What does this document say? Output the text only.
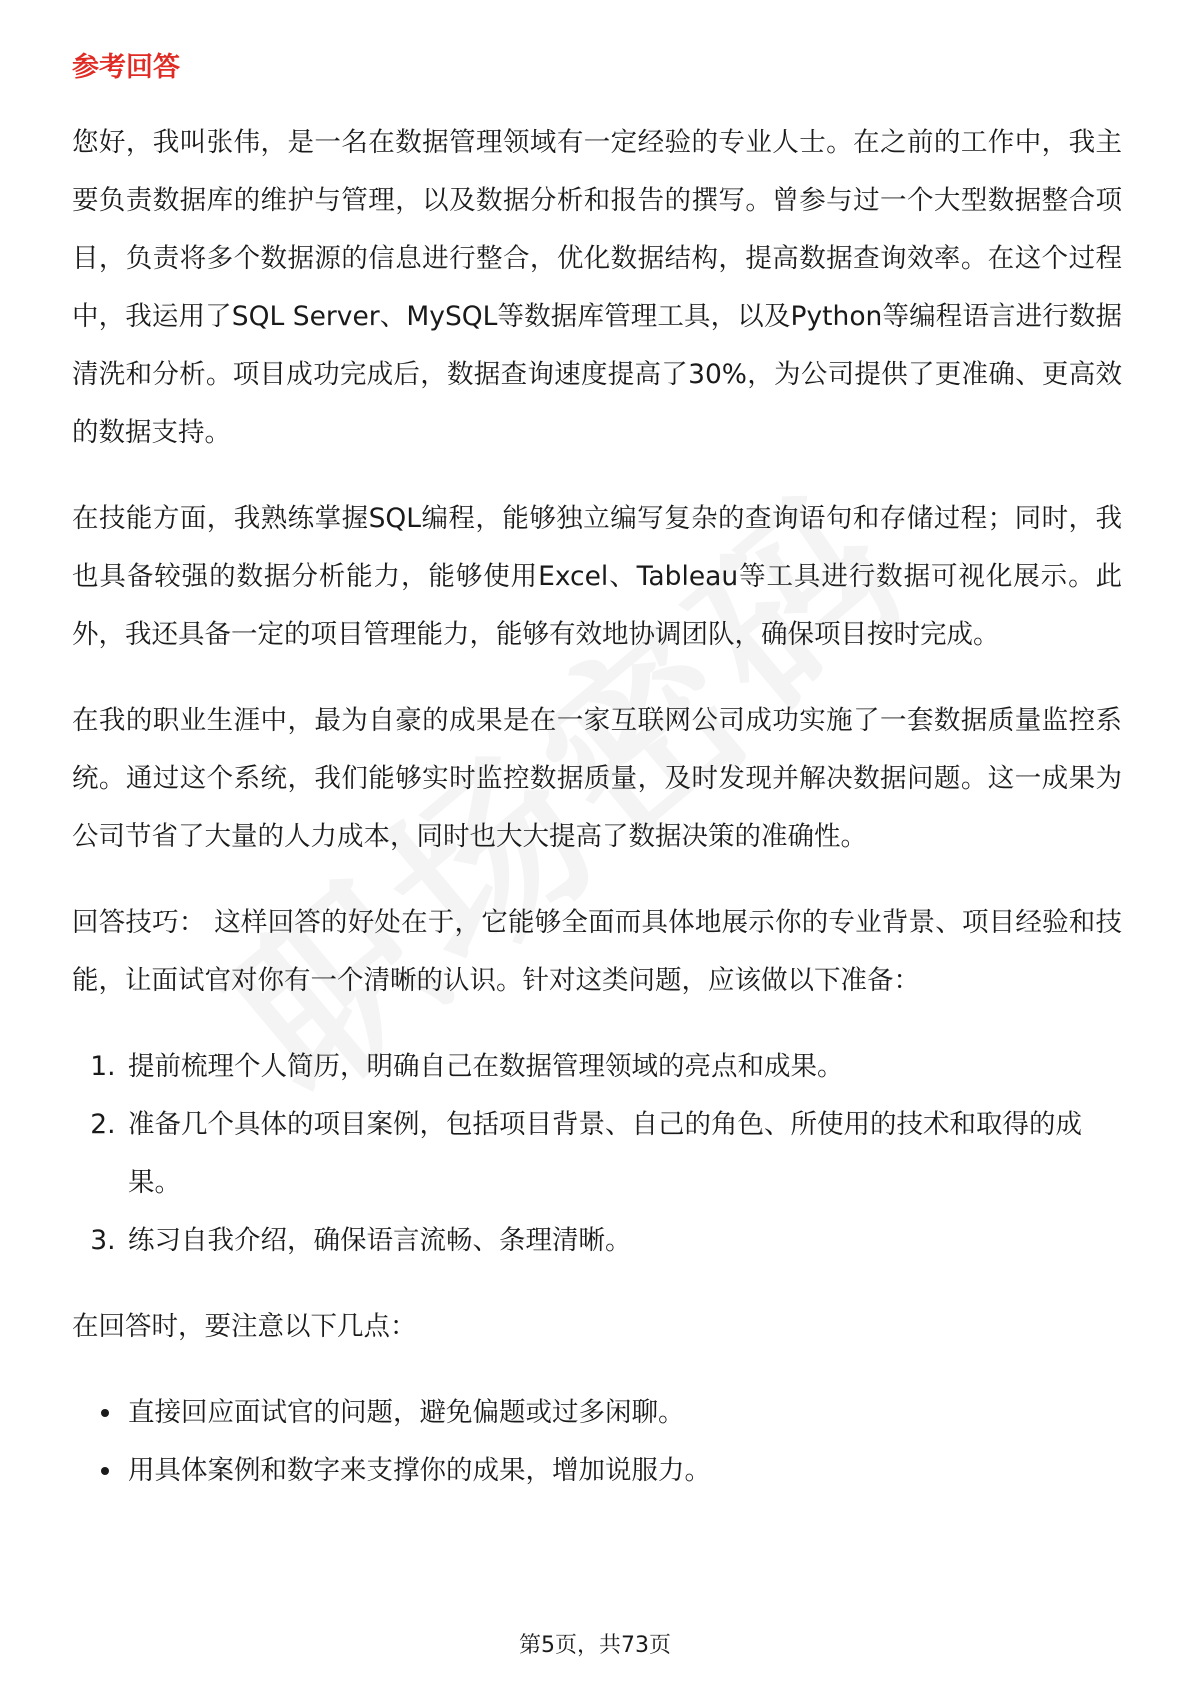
参考回答

您好，我叫张伟，是一名在数据管理领域有一定经验的专业人士。在之前的工作中，我主要负责数据库的维护与管理，以及数据分析和报告的撰写。曾参与过一个大型数据整合项目，负责将多个数据源的信息进行整合，优化数据结构，提高数据查询效率。在这个过程中，我运用了SQL Server、MySQL等数据库管理工具，以及Python等编程语言进行数据清洗和分析。项目成功完成后，数据查询速度提高了30%，为公司提供了更准确、更高效的数据支持。

在技能方面，我熟练掌握SQL编程，能够独立编写复杂的查询语句和存储过程；同时，我也具备较强的数据分析能力，能够使用Excel、Tableau等工具进行数据可视化展示。此外，我还具备一定的项目管理能力，能够有效地协调团队，确保项目按时完成。

在我的职业生涯中，最为自豪的成果是在一家互联网公司成功实施了一套数据质量监控系统。通过这个系统，我们能够实时监控数据质量，及时发现并解决数据问题。这一成果为公司节省了大量的人力成本，同时也大大提高了数据决策的准确性。

回答技巧： 这样回答的好处在于，它能够全面而具体地展示你的专业背景、项目经验和技能，让面试官对你有一个清晰的认识。针对这类问题，应该做以下准备：

1. 提前梳理个人简历，明确自己在数据管理领域的亮点和成果。
2. 准备几个具体的项目案例，包括项目背景、自己的角色、所使用的技术和取得的成果。
3. 练习自我介绍，确保语言流畅、条理清晰。

在回答时，要注意以下几点：

• 直接回应面试官的问题，避免偏题或过多闲聊。
• 用具体案例和数字来支撑你的成果，增加说服力。
第5页，共73页
